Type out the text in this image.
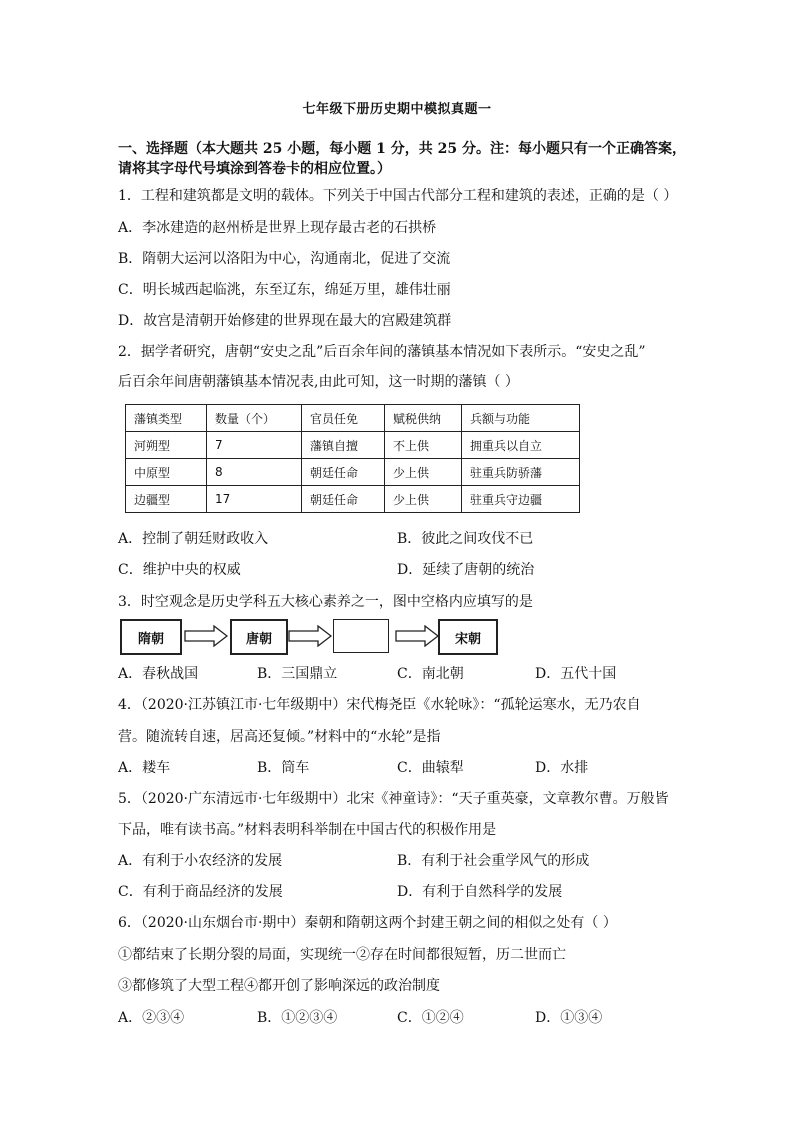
七年级下册历史期中模拟真题一
一、选择题（本大题共 25 小题，每小题 1 分，共 25 分。注：每小题只有一个正确答案，
请将其字母代号填涂到答卷卡的相应位置。）
1．工程和建筑都是文明的载体。下列关于中国古代部分工程和建筑的表述，正确的是（ ）
A．李冰建造的赵州桥是世界上现存最古老的石拱桥
B．隋朝大运河以洛阳为中心，沟通南北，促进了交流
C．明长城西起临洮，东至辽东，绵延万里，雄伟壮丽
D．故宫是清朝开始修建的世界现在最大的宫殿建筑群
2．据学者研究，唐朝“安史之乱”后百余年间的藩镇基本情况如下表所示。“安史之乱”
后百余年间唐朝藩镇基本情况表,由此可知，这一时期的藩镇（ ）
藩镇类型	数量（个）	官员任免	赋税供纳	兵额与功能
河朔型	7	藩镇自擅	不上供	拥重兵以自立
中原型	8	朝廷任命	少上供	驻重兵防骄藩
边疆型	17	朝廷任命	少上供	驻重兵守边疆
A．控制了朝廷财政收入	B．彼此之间攻伐不已
C．维护中央的权威	D．延续了唐朝的统治
3．时空观念是历史学科五大核心素养之一，图中空格内应填写的是
隋朝	唐朝	宋朝
A．春秋战国	B．三国鼎立	C．南北朝	D．五代十国
4．（2020·江苏镇江市·七年级期中）宋代梅尧臣《水轮咏》：“孤轮运寒水，无乃农自
营。随流转自速，居高还复倾。”材料中的“水轮”是指
A．耧车	B．筒车	C．曲辕犁	D．水排
5．（2020·广东清远市·七年级期中）北宋《神童诗》：“天子重英豪，文章教尔曹。万般皆
下品，唯有读书高。”材料表明科举制在中国古代的积极作用是
A．有利于小农经济的发展	B．有利于社会重学风气的形成
C．有利于商品经济的发展	D．有利于自然科学的发展
6．（2020·山东烟台市·期中）秦朝和隋朝这两个封建王朝之间的相似之处有（ ）
①都结束了长期分裂的局面，实现统一②存在时间都很短暂，历二世而亡
③都修筑了大型工程④都开创了影响深远的政治制度
A．②③④	B．①②③④	C．①②④	D．①③④
